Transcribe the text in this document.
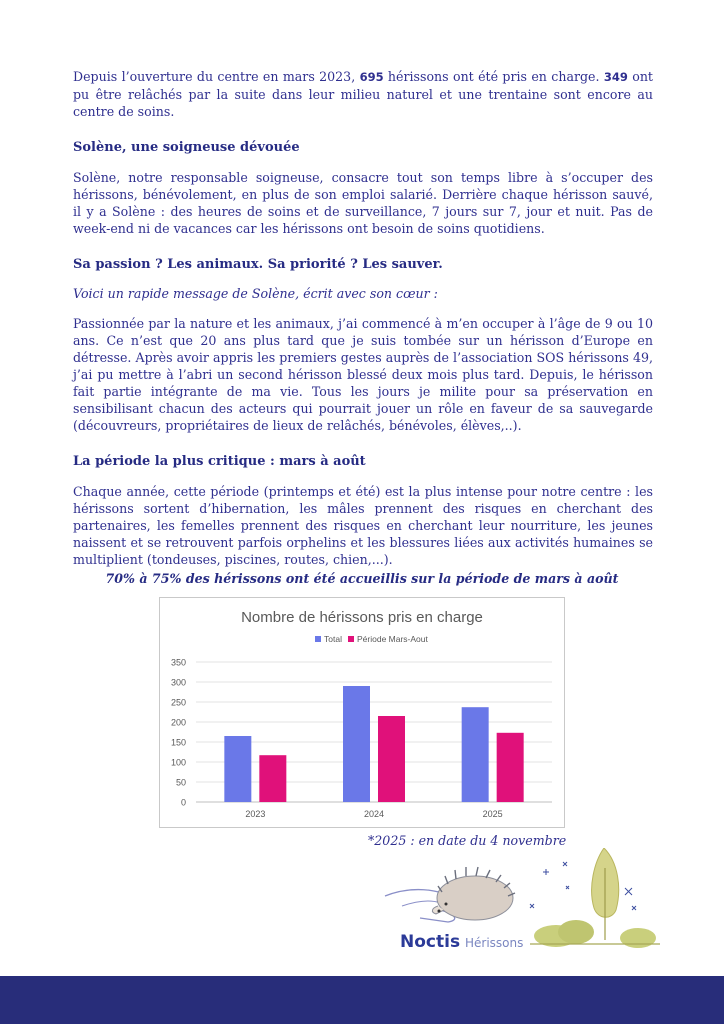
Depuis l’ouverture du centre en mars 2023, 695 hérissons ont été pris en charge. 349 ont pu être relâchés par la suite dans leur milieu naturel et une trentaine sont encore au centre de soins.

Solène, une soigneuse dévouée

Solène, notre responsable soigneuse, consacre tout son temps libre à s’occuper des hérissons, bénévolement, en plus de son emploi salarié. Derrière chaque hérisson sauvé, il y a Solène : des heures de soins et de surveillance, 7 jours sur 7, jour et nuit. Pas de week-end ni de vacances car les hérissons ont besoin de soins quotidiens.

Sa passion ? Les animaux. Sa priorité ? Les sauver.
Voici un rapide message de Solène, écrit avec son cœur :

Passionnée par la nature et les animaux, j’ai commencé à m’en occuper à l’âge de 9 ou 10 ans. Ce n’est que 20 ans plus tard que je suis tombée sur un hérisson d’Europe en détresse. Après avoir appris les premiers gestes auprès de l’association SOS hérissons 49, j’ai pu mettre à l’abri un second hérisson blessé deux mois plus tard. Depuis, le hérisson fait partie intégrante de ma vie. Tous les jours je milite pour sa préservation en sensibilisant chacun des acteurs qui pourrait jouer un rôle en faveur de sa sauvegarde (découvreurs, propriétaires de lieux de relâchés, bénévoles, élèves,..).

La période la plus critique : mars à août

Chaque année, cette période (printemps et été) est la plus intense pour notre centre : les hérissons sortent d’hibernation, les mâles prennent des risques en cherchant des partenaires, les femelles prennent des risques en cherchant leur nourriture, les jeunes naissent et se retrouvent parfois orphelins et les blessures liées aux activités humaines se multiplient (tondeuses, piscines, routes, chien,...).

70% à 75% des hérissons ont été accueillis sur la période de mars à août
Nombre de hérissons pris en charge
Total Période Mars-Aout
0
50
100
150
200
250
300
350
2023	2024	2025
*2025 : en date du 4 novembre
Noctis Hérissons
